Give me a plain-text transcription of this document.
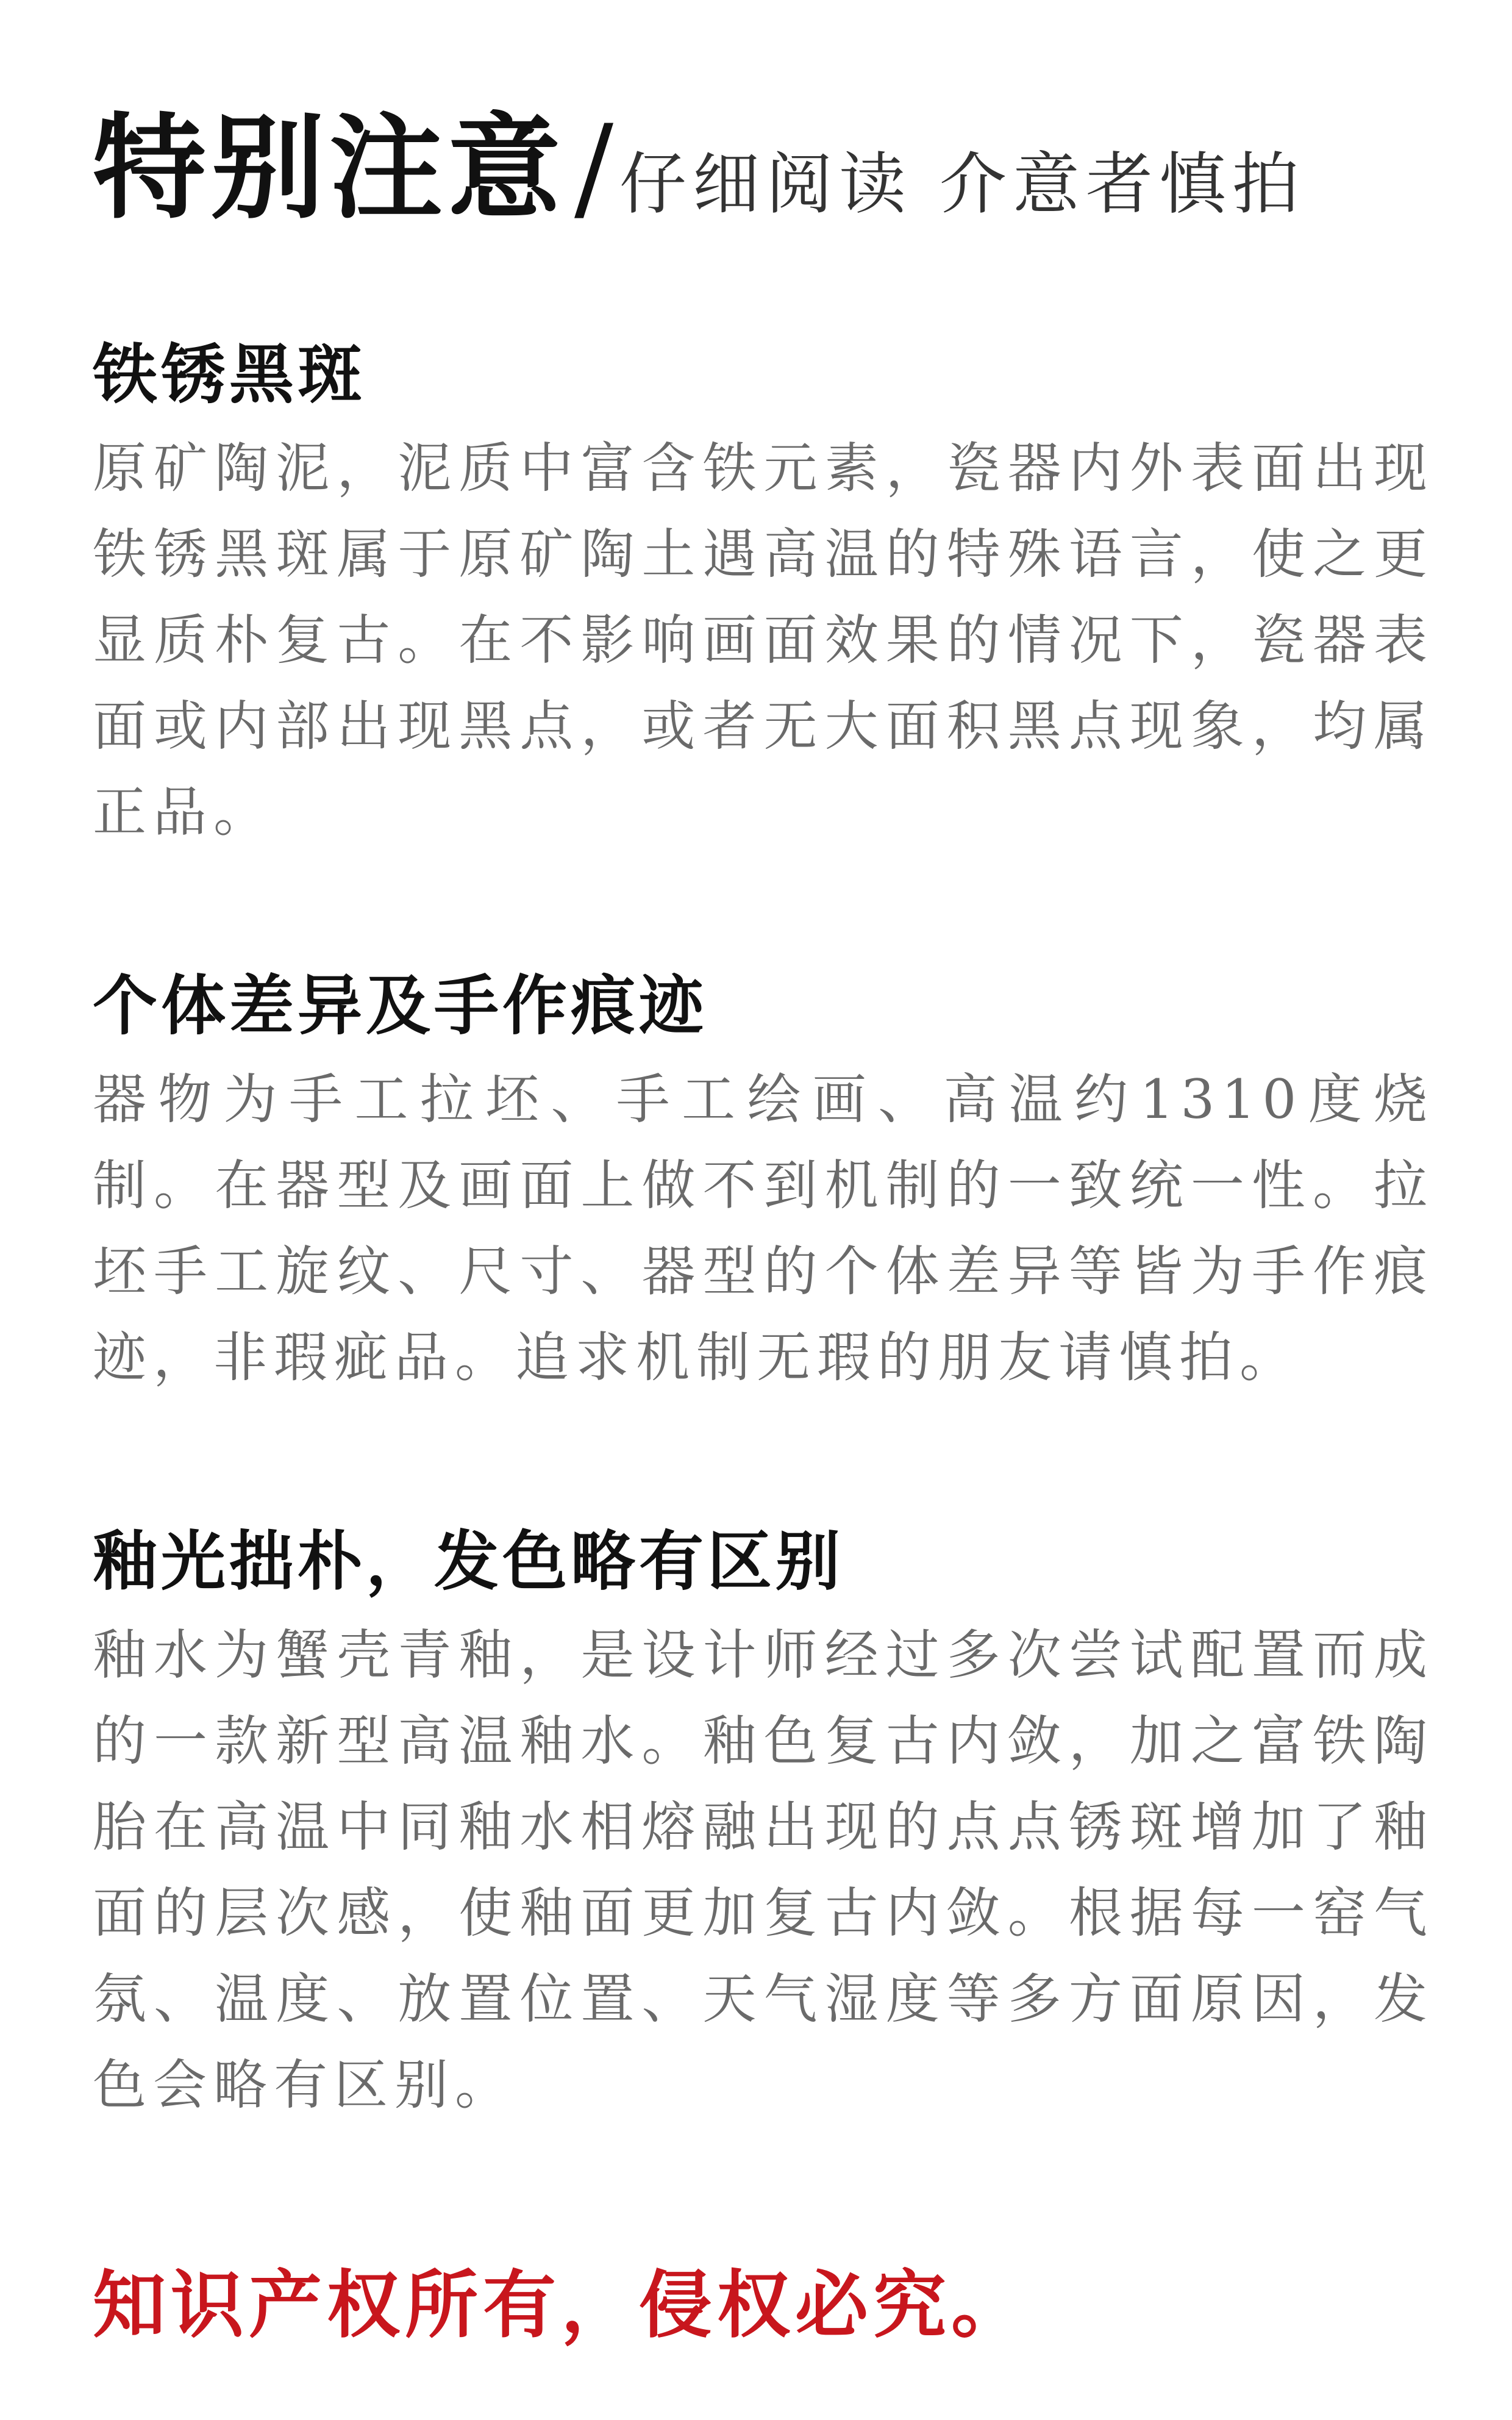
特别注意 / 仔细阅读 介意者慎拍
铁锈黑斑

原矿陶泥，泥质中富含铁元素，瓷器内外表面出现铁锈黑斑属于原矿陶土遇高温的特殊语言，使之更显质朴复古。在不影响画面效果的情况下，瓷器表面或内部出现黑点，或者无大面积黑点现象，均属正品。

个体差异及手作痕迹

器物为手工拉坯、手工绘画、高温约1310度烧制。在器型及画面上做不到机制的一致统一性。拉坯手工旋纹、尺寸、器型的个体差异等皆为手作痕迹，非瑕疵品。追求机制无瑕的朋友请慎拍。

釉光拙朴，发色略有区别

釉水为蟹壳青釉，是设计师经过多次尝试配置而成的一款新型高温釉水。釉色复古内敛，加之富铁陶胎在高温中同釉水相熔融出现的点点锈斑增加了釉面的层次感，使釉面更加复古内敛。根据每一窑气氛、温度、放置位置、天气湿度等多方面原因，发色会略有区别。

知识产权所有，侵权必究。
